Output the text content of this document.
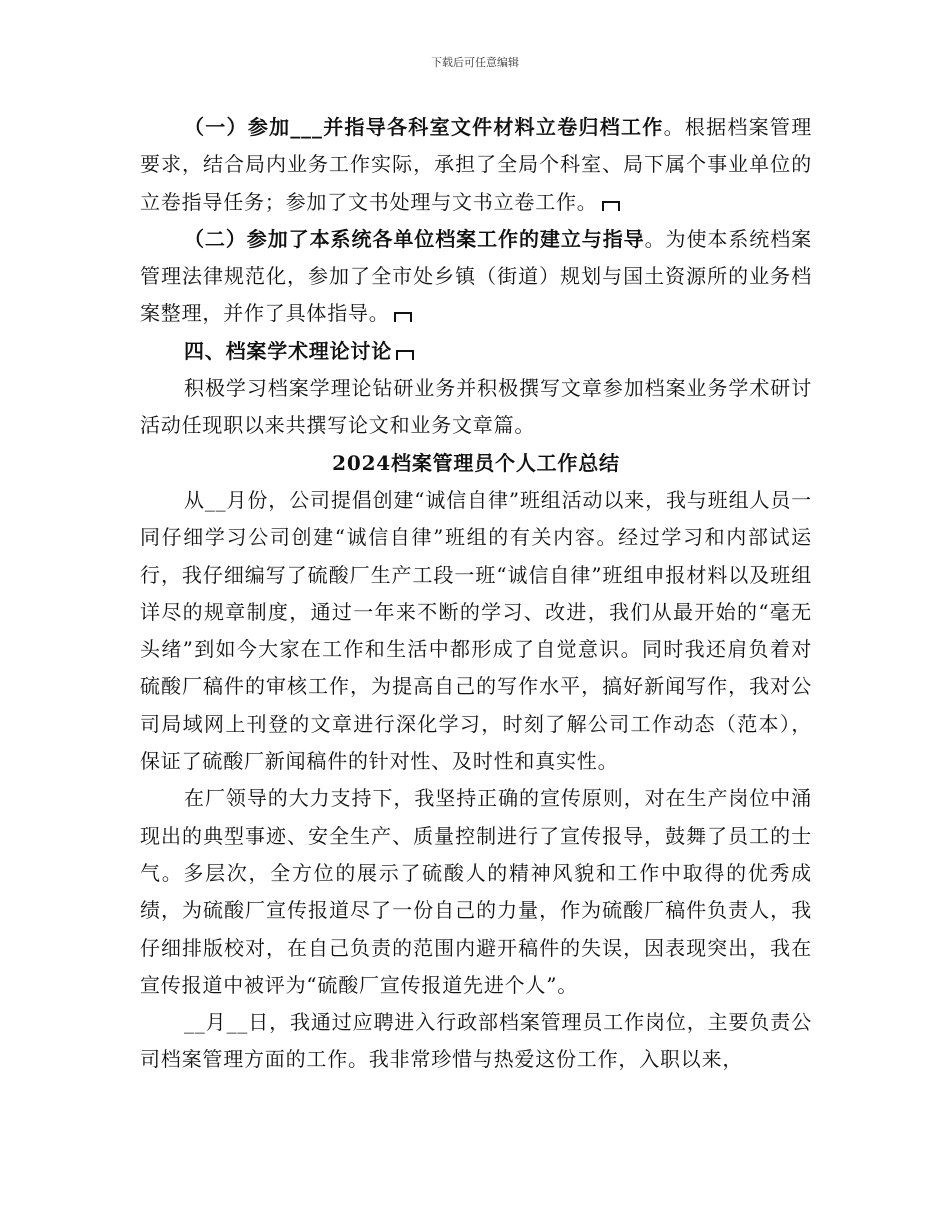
下载后可任意编辑

（一）参加___并指导各科室文件材料立卷归档工作。根据档案管理要求，结合局内业务工作实际，承担了全局个科室、局下属个事业单位的立卷指导任务；参加了文书处理与文书立卷工作。

（二）参加了本系统各单位档案工作的建立与指导。为使本系统档案管理法律规范化，参加了全市处乡镇（街道）规划与国土资源所的业务档案整理，并作了具体指导。

四、档案学术理论讨论

积极学习档案学理论钻研业务并积极撰写文章参加档案业务学术研讨活动任现职以来共撰写论文和业务文章篇。

2024档案管理员个人工作总结

从__月份，公司提倡创建“诚信自律”班组活动以来，我与班组人员一同仔细学习公司创建“诚信自律”班组的有关内容。经过学习和内部试运行，我仔细编写了硫酸厂生产工段一班“诚信自律”班组申报材料以及班组详尽的规章制度，通过一年来不断的学习、改进，我们从最开始的“毫无头绪”到如今大家在工作和生活中都形成了自觉意识。同时我还肩负着对硫酸厂稿件的审核工作，为提高自己的写作水平，搞好新闻写作，我对公司局域网上刊登的文章进行深化学习，时刻了解公司工作动态（范本），保证了硫酸厂新闻稿件的针对性、及时性和真实性。

在厂领导的大力支持下，我坚持正确的宣传原则，对在生产岗位中涌现出的典型事迹、安全生产、质量控制进行了宣传报导，鼓舞了员工的士气。多层次，全方位的展示了硫酸人的精神风貌和工作中取得的优秀成绩，为硫酸厂宣传报道尽了一份自己的力量，作为硫酸厂稿件负责人，我仔细排版校对，在自己负责的范围内避开稿件的失误，因表现突出，我在宣传报道中被评为“硫酸厂宣传报道先进个人”。

__月__日，我通过应聘进入行政部档案管理员工作岗位，主要负责公司档案管理方面的工作。我非常珍惜与热爱这份工作，入职以来，
